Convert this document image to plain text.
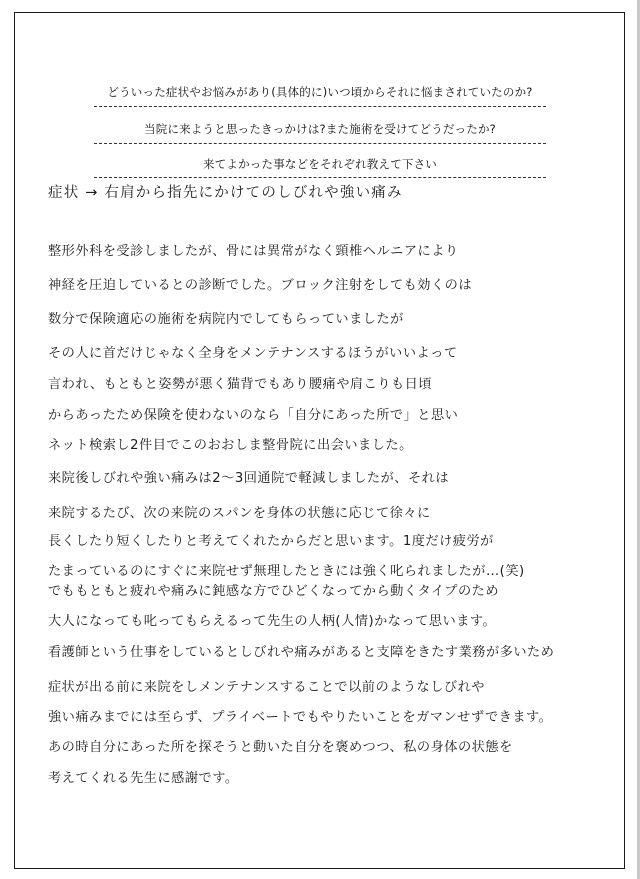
どういった症状やお悩みがあり(具体的に)いつ頃からそれに悩まされていたのか?
当院に来ようと思ったきっかけは?また施術を受けてどうだったか?
来てよかった事などをそれぞれ教えて下さい
症状 → 右肩から指先にかけてのしびれや強い痛み
整形外科を受診しましたが、骨には異常がなく頸椎ヘルニアにより
神経を圧迫しているとの診断でした。ブロック注射をしても効くのは
数分で保険適応の施術を病院内でしてもらっていましたが
その人に首だけじゃなく全身をメンテナンスするほうがいいよって
言われ、もともと姿勢が悪く猫背でもあり腰痛や肩こりも日頃
からあったため保険を使わないのなら「自分にあった所で」と思い
ネット検索し2件目でこのおおしま整骨院に出会いました。
来院後しびれや強い痛みは2〜3回通院で軽減しましたが、それは
来院するたび、次の来院のスパンを身体の状態に応じて徐々に
長くしたり短くしたりと考えてくれたからだと思います。1度だけ疲労が
たまっているのにすぐに来院せず無理したときには強く叱られましたが…(笑)
でももともと疲れや痛みに鈍感な方でひどくなってから動くタイプのため
大人になっても叱ってもらえるって先生の人柄(人情)かなって思います。
看護師という仕事をしているとしびれや痛みがあると支障をきたす業務が多いため
症状が出る前に来院をしメンテナンスすることで以前のようなしびれや
強い痛みまでには至らず、プライベートでもやりたいことをガマンせずできます。
あの時自分にあった所を探そうと動いた自分を褒めつつ、私の身体の状態を
考えてくれる先生に感謝です。
